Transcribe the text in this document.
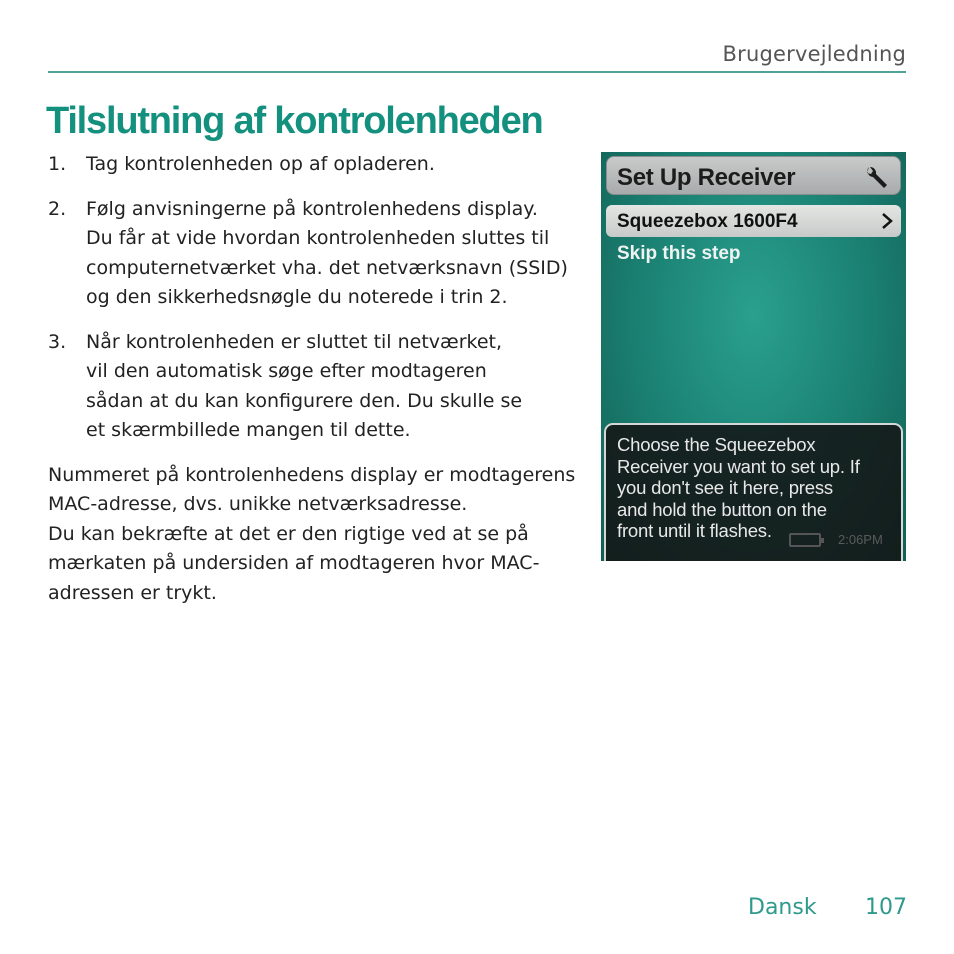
Brugervejledning
Tilslutning af kontrolenheden
1. Tag kontrolenheden op af opladeren.
2. Følg anvisningerne på kontrolenhedens display.
Du får at vide hvordan kontrolenheden sluttes til
computernetværket vha. det netværksnavn (SSID)
og den sikkerhedsnøgle du noterede i trin 2.
3. Når kontrolenheden er sluttet til netværket,
vil den automatisk søge efter modtageren
sådan at du kan konfigurere den. Du skulle se
et skærmbillede mangen til dette.
Nummeret på kontrolenhedens display er modtagerens
MAC-adresse, dvs. unikke netværksadresse.
Du kan bekræfte at det er den rigtige ved at se på
mærkaten på undersiden af modtageren hvor MAC-
adressen er trykt.
Set Up Receiver
Squeezebox 1600F4
Skip this step
Choose the Squeezebox
Receiver you want to set up. If
you don't see it here, press
and hold the button on the
front until it flashes.	2:06PM
Dansk 107
